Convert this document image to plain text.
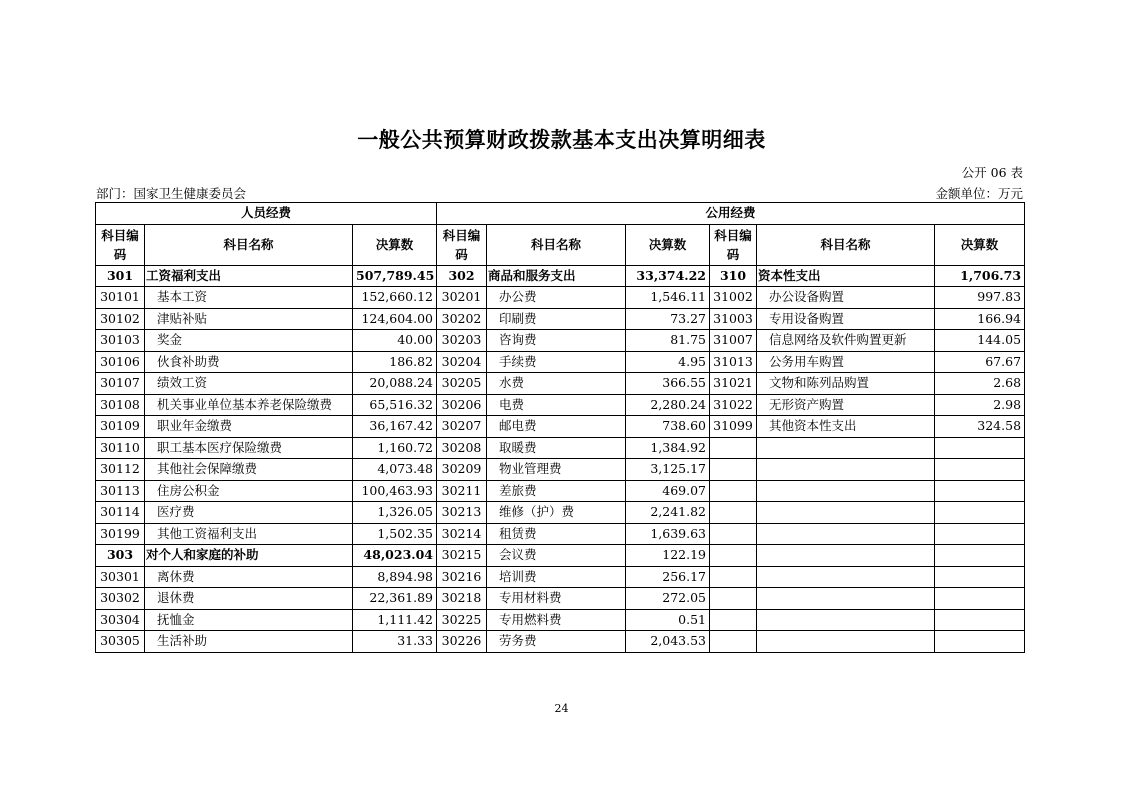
一般公共预算财政拨款基本支出决算明细表
公开 06 表
部门：国家卫生健康委员会	金额单位：万元
人员经费			公用经费					
科目编码	科目名称	决算数	科目编码	科目名称	决算数	科目编码	科目名称	决算数
301	工资福利支出	507,789.45	302	商品和服务支出	33,374.22	310	资本性支出	1,706.73
30101	基本工资	152,660.12	30201	办公费	1,546.11	31002	办公设备购置	997.83
30102	津贴补贴	124,604.00	30202	印刷费	73.27	31003	专用设备购置	166.94
30103	奖金	40.00	30203	咨询费	81.75	31007	信息网络及软件购置更新	144.05
30106	伙食补助费	186.82	30204	手续费	4.95	31013	公务用车购置	67.67
30107	绩效工资	20,088.24	30205	水费	366.55	31021	文物和陈列品购置	2.68
30108	机关事业单位基本养老保险缴费	65,516.32	30206	电费	2,280.24	31022	无形资产购置	2.98
30109	职业年金缴费	36,167.42	30207	邮电费	738.60	31099	其他资本性支出	324.58
30110	职工基本医疗保险缴费	1,160.72	30208	取暖费	1,384.92			
30112	其他社会保障缴费	4,073.48	30209	物业管理费	3,125.17			
30113	住房公积金	100,463.93	30211	差旅费	469.07			
30114	医疗费	1,326.05	30213	维修（护）费	2,241.82			
30199	其他工资福利支出	1,502.35	30214	租赁费	1,639.63			
303	对个人和家庭的补助	48,023.04	30215	会议费	122.19			
30301	离休费	8,894.98	30216	培训费	256.17			
30302	退休费	22,361.89	30218	专用材料费	272.05			
30304	抚恤金	1,111.42	30225	专用燃料费	0.51			
30305	生活补助	31.33	30226	劳务费	2,043.53			
24
